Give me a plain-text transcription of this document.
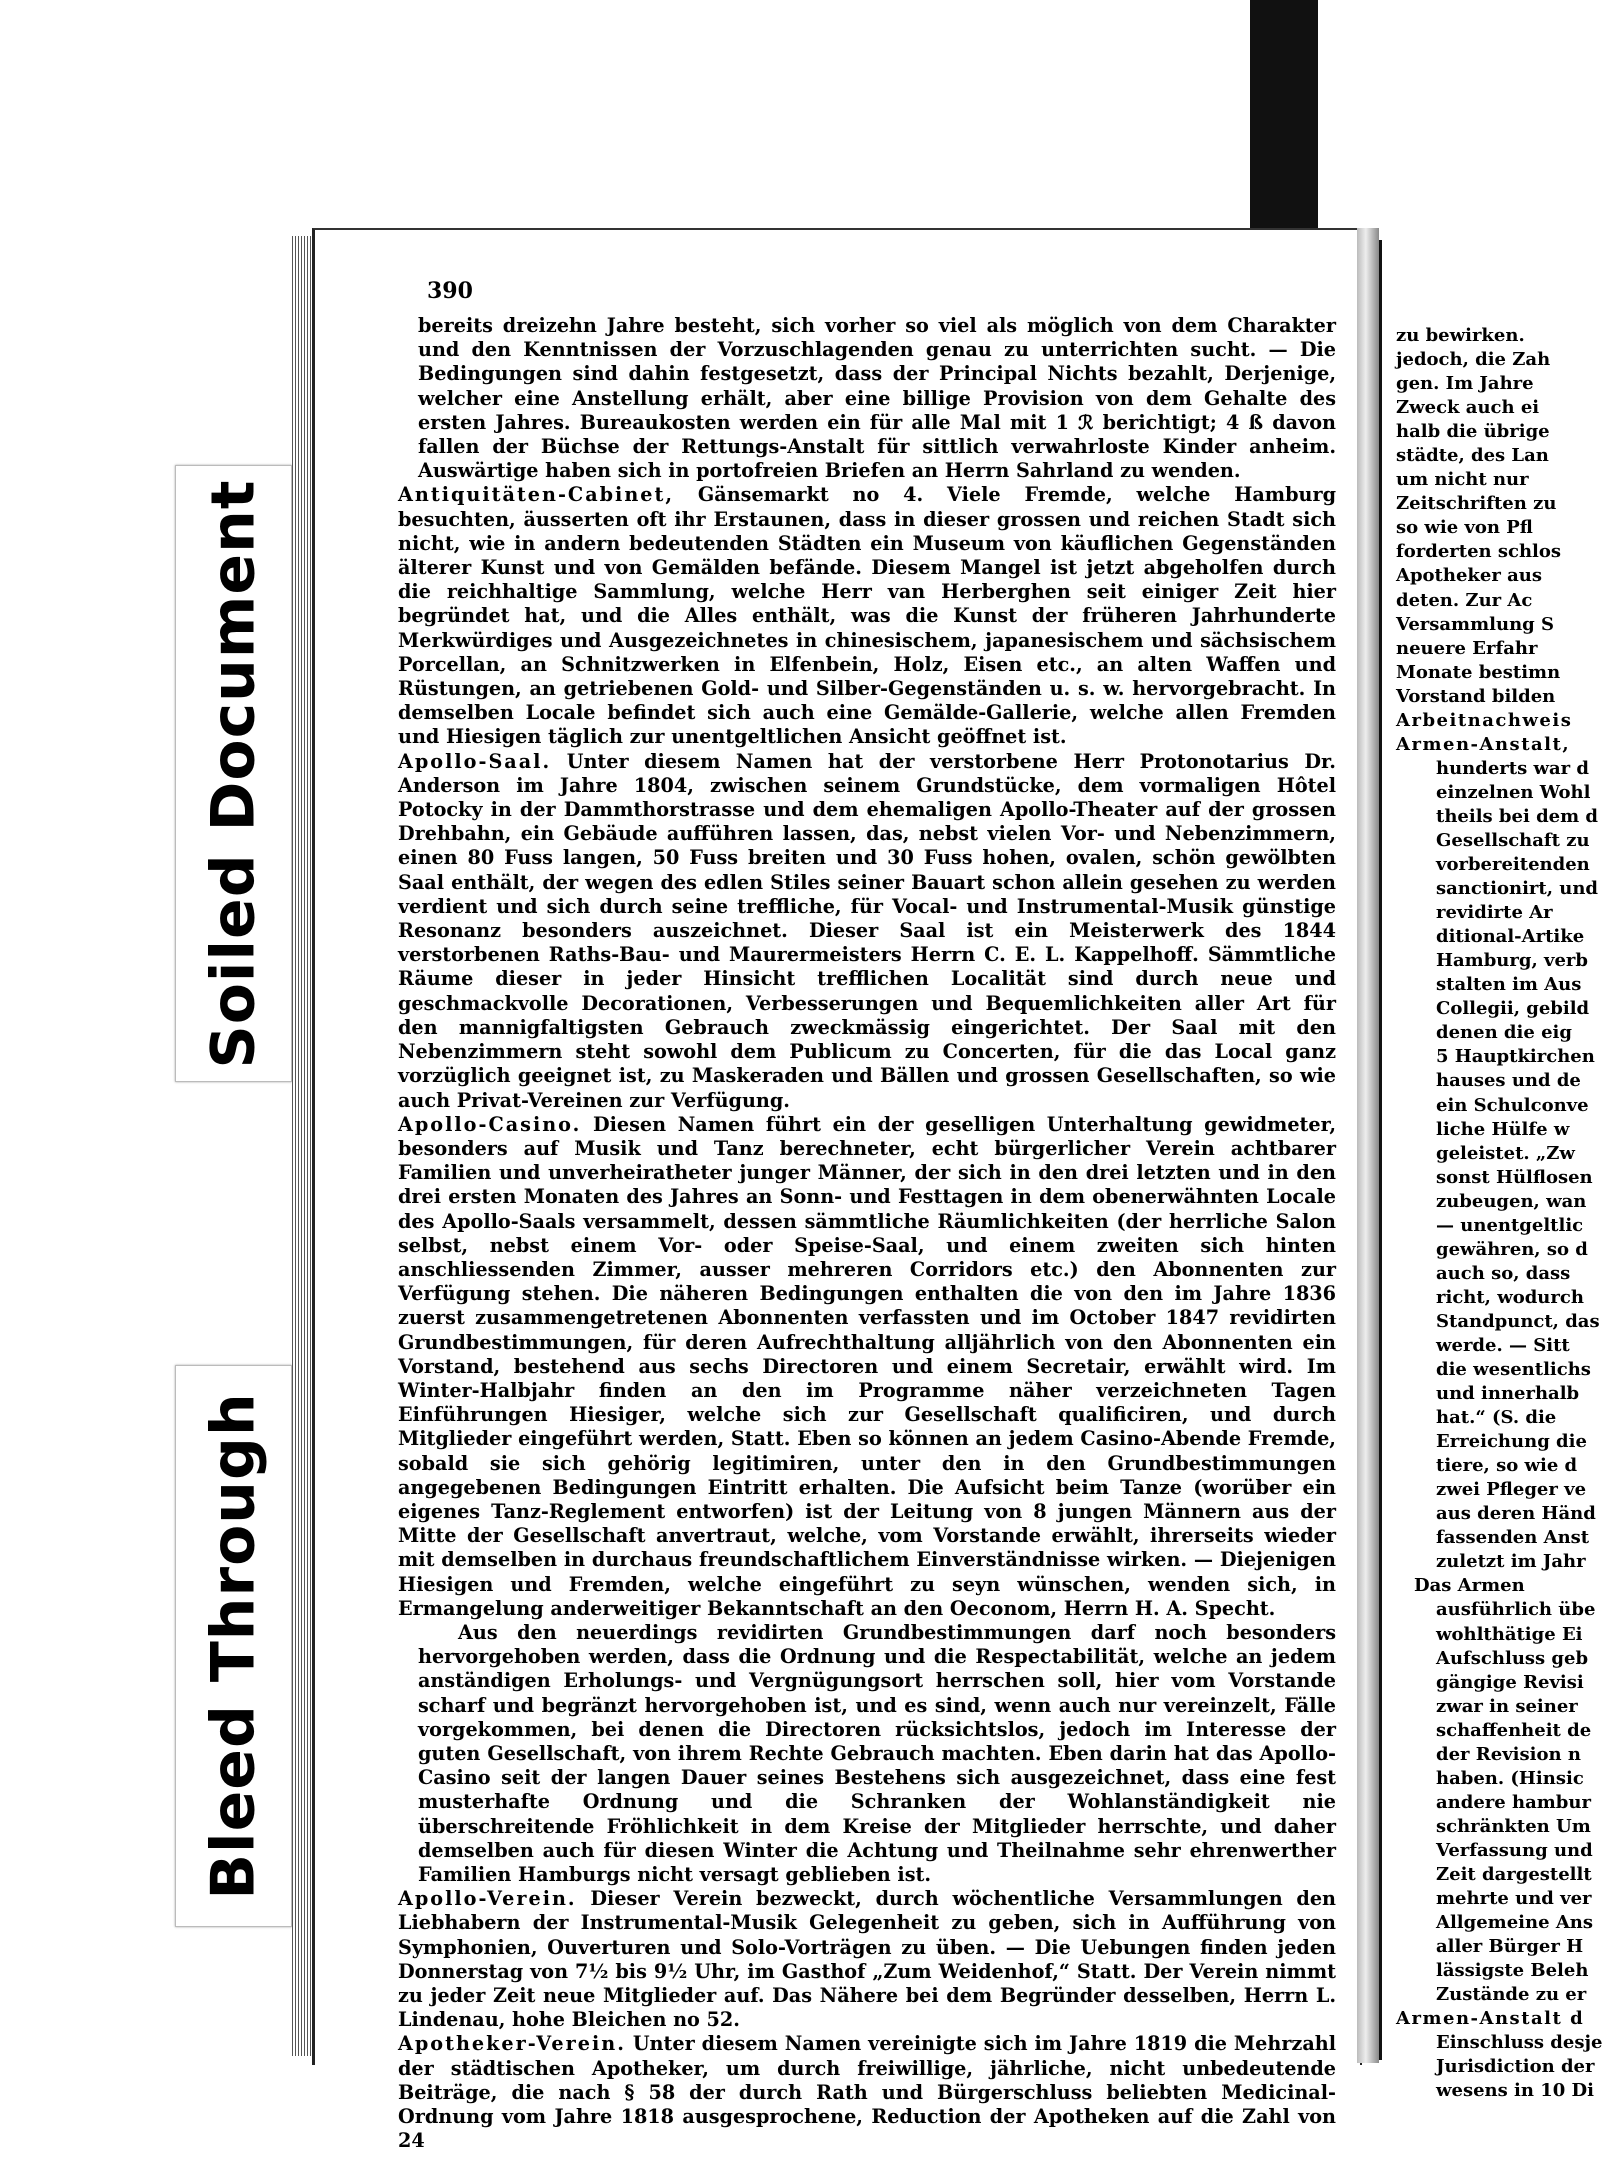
Soiled Document
Bleed Through
390

bereits dreizehn Jahre besteht, sich vorher so viel als möglich von dem Charakter und den Kenntnissen der Vorzuschlagenden genau zu unterrichten sucht. — Die Bedingungen sind dahin festgesetzt, dass der Principal Nichts bezahlt, Derjenige, welcher eine Anstellung erhält, aber eine billige Provision von dem Gehalte des ersten Jahres. Bureaukosten werden ein für alle Mal mit 1 ℛ berichtigt; 4 ß davon fallen der Büchse der Rettungs-Anstalt für sittlich verwahrloste Kinder anheim. Auswärtige haben sich in portofreien Briefen an Herrn Sahrland zu wenden.

Antiquitäten-Cabinet, Gänsemarkt no 4. Viele Fremde, welche Hamburg besuchten, äusserten oft ihr Erstaunen, dass in dieser grossen und reichen Stadt sich nicht, wie in andern bedeutenden Städten ein Museum von käuflichen Gegenständen älterer Kunst und von Gemälden befände. Diesem Mangel ist jetzt abgeholfen durch die reichhaltige Sammlung, welche Herr van Herberghen seit einiger Zeit hier begründet hat, und die Alles enthält, was die Kunst der früheren Jahrhunderte Merkwürdiges und Ausgezeichnetes in chinesischem, japanesischem und sächsischem Porcellan, an Schnitzwerken in Elfenbein, Holz, Eisen etc., an alten Waffen und Rüstungen, an getriebenen Gold- und Silber-Gegenständen u. s. w. hervorgebracht. In demselben Locale befindet sich auch eine Gemälde-Gallerie, welche allen Fremden und Hiesigen täglich zur unentgeltlichen Ansicht geöffnet ist.

Apollo-Saal. Unter diesem Namen hat der verstorbene Herr Protonotarius Dr. Anderson im Jahre 1804, zwischen seinem Grundstücke, dem vormaligen Hôtel Potocky in der Dammthorstrasse und dem ehemaligen Apollo-Theater auf der grossen Drehbahn, ein Gebäude aufführen lassen, das, nebst vielen Vor- und Nebenzimmern, einen 80 Fuss langen, 50 Fuss breiten und 30 Fuss hohen, ovalen, schön gewölbten Saal enthält, der wegen des edlen Stiles seiner Bauart schon allein gesehen zu werden verdient und sich durch seine treffliche, für Vocal- und Instrumental-Musik günstige Resonanz besonders auszeichnet. Dieser Saal ist ein Meisterwerk des 1844 verstorbenen Raths-Bau- und Maurermeisters Herrn C. E. L. Kappelhoff. Sämmtliche Räume dieser in jeder Hinsicht trefflichen Localität sind durch neue und geschmackvolle Decorationen, Verbesserungen und Bequemlichkeiten aller Art für den mannigfaltigsten Gebrauch zweckmässig eingerichtet. Der Saal mit den Nebenzimmern steht sowohl dem Publicum zu Concerten, für die das Local ganz vorzüglich geeignet ist, zu Maskeraden und Bällen und grossen Gesellschaften, so wie auch Privat-Vereinen zur Verfügung.

Apollo-Casino. Diesen Namen führt ein der geselligen Unterhaltung gewidmeter, besonders auf Musik und Tanz berechneter, echt bürgerlicher Verein achtbarer Familien und unverheiratheter junger Männer, der sich in den drei letzten und in den drei ersten Monaten des Jahres an Sonn- und Festtagen in dem obenerwähnten Locale des Apollo-Saals versammelt, dessen sämmtliche Räumlichkeiten (der herrliche Salon selbst, nebst einem Vor- oder Speise-Saal, und einem zweiten sich hinten anschliessenden Zimmer, ausser mehreren Corridors etc.) den Abonnenten zur Verfügung stehen. Die näheren Bedingungen enthalten die von den im Jahre 1836 zuerst zusammengetretenen Abonnenten verfassten und im October 1847 revidirten Grundbestimmungen, für deren Aufrechthaltung alljährlich von den Abonnenten ein Vorstand, bestehend aus sechs Directoren und einem Secretair, erwählt wird. Im Winter-Halbjahr finden an den im Programme näher verzeichneten Tagen Einführungen Hiesiger, welche sich zur Gesellschaft qualificiren, und durch Mitglieder eingeführt werden, Statt. Eben so können an jedem Casino-Abende Fremde, sobald sie sich gehörig legitimiren, unter den in den Grundbestimmungen angegebenen Bedingungen Eintritt erhalten. Die Aufsicht beim Tanze (worüber ein eigenes Tanz-Reglement entworfen) ist der Leitung von 8 jungen Männern aus der Mitte der Gesellschaft anvertraut, welche, vom Vorstande erwählt, ihrerseits wieder mit demselben in durchaus freundschaftlichem Einverständnisse wirken. — Diejenigen Hiesigen und Fremden, welche eingeführt zu seyn wünschen, wenden sich, in Ermangelung anderweitiger Bekanntschaft an den Oeconom, Herrn H. A. Specht.

Aus den neuerdings revidirten Grundbestimmungen darf noch besonders hervorgehoben werden, dass die Ordnung und die Respectabilität, welche an jedem anständigen Erholungs- und Vergnügungsort herrschen soll, hier vom Vorstande scharf und begränzt hervorgehoben ist, und es sind, wenn auch nur vereinzelt, Fälle vorgekommen, bei denen die Directoren rücksichtslos, jedoch im Interesse der guten Gesellschaft, von ihrem Rechte Gebrauch machten. Eben darin hat das Apollo-Casino seit der langen Dauer seines Bestehens sich ausgezeichnet, dass eine fest musterhafte Ordnung und die Schranken der Wohlanständigkeit nie überschreitende Fröhlichkeit in dem Kreise der Mitglieder herrschte, und daher demselben auch für diesen Winter die Achtung und Theilnahme sehr ehrenwerther Familien Hamburgs nicht versagt geblieben ist.

Apollo-Verein. Dieser Verein bezweckt, durch wöchentliche Versammlungen den Liebhabern der Instrumental-Musik Gelegenheit zu geben, sich in Aufführung von Symphonien, Ouverturen und Solo-Vorträgen zu üben. — Die Uebungen finden jeden Donnerstag von 7½ bis 9½ Uhr, im Gasthof „Zum Weidenhof,“ Statt. Der Verein nimmt zu jeder Zeit neue Mitglieder auf. Das Nähere bei dem Begründer desselben, Herrn L. Lindenau, hohe Bleichen no 52.

Apotheker-Verein. Unter diesem Namen vereinigte sich im Jahre 1819 die Mehrzahl der städtischen Apotheker, um durch freiwillige, jährliche, nicht unbedeutende Beiträge, die nach § 58 der durch Rath und Bürgerschluss beliebten Medicinal-Ordnung vom Jahre 1818 ausgesprochene, Reduction der Apotheken auf die Zahl von 24

zu bewirken.
jedoch, die Zah
gen. Im Jahre
Zweck auch ei
halb die übrige
städte, des Lan
um nicht nur
Zeitschriften zu
so wie von Pfl
forderten schlos
Apotheker aus
deten. Zur Ac
Versammlung S
neuere Erfahr
Monate bestimn
Vorstand bilden
Arbeitnachweis
Armen-Anstalt,
hunderts war d
einzelnen Wohl
theils bei dem d
Gesellschaft zu
vorbereitenden
sanctionirt, und
revidirte Ar
ditional-Artike
Hamburg, verb
stalten im Aus
Collegii, gebild
denen die eig
5 Hauptkirchen
hauses und de
ein Schulconve
liche Hülfe w
geleistet. „Zw
sonst Hülflosen
zubeugen, wan
— unentgeltlic
gewähren, so d
auch so, dass
richt, wodurch
Standpunct, das
werde. — Sitt
die wesentlichs
und innerhalb
hat.“ (S. die
Erreichung die
tiere, so wie d
zwei Pfleger ve
aus deren Händ
fassenden Anst
zuletzt im Jahr
Das Armen
ausführlich übe
wohlthätige Ei
Aufschluss geb
gängige Revisi
zwar in seiner
schaffenheit de
der Revision n
haben. (Hinsic
andere hambur
schränkten Um
Verfassung und
Zeit dargestellt
mehrte und ver
Allgemeine Ans
aller Bürger H
lässigste Beleh
Zustände zu er
Armen-Anstalt d
Einschluss desje
Jurisdiction der
wesens in 10 Di
